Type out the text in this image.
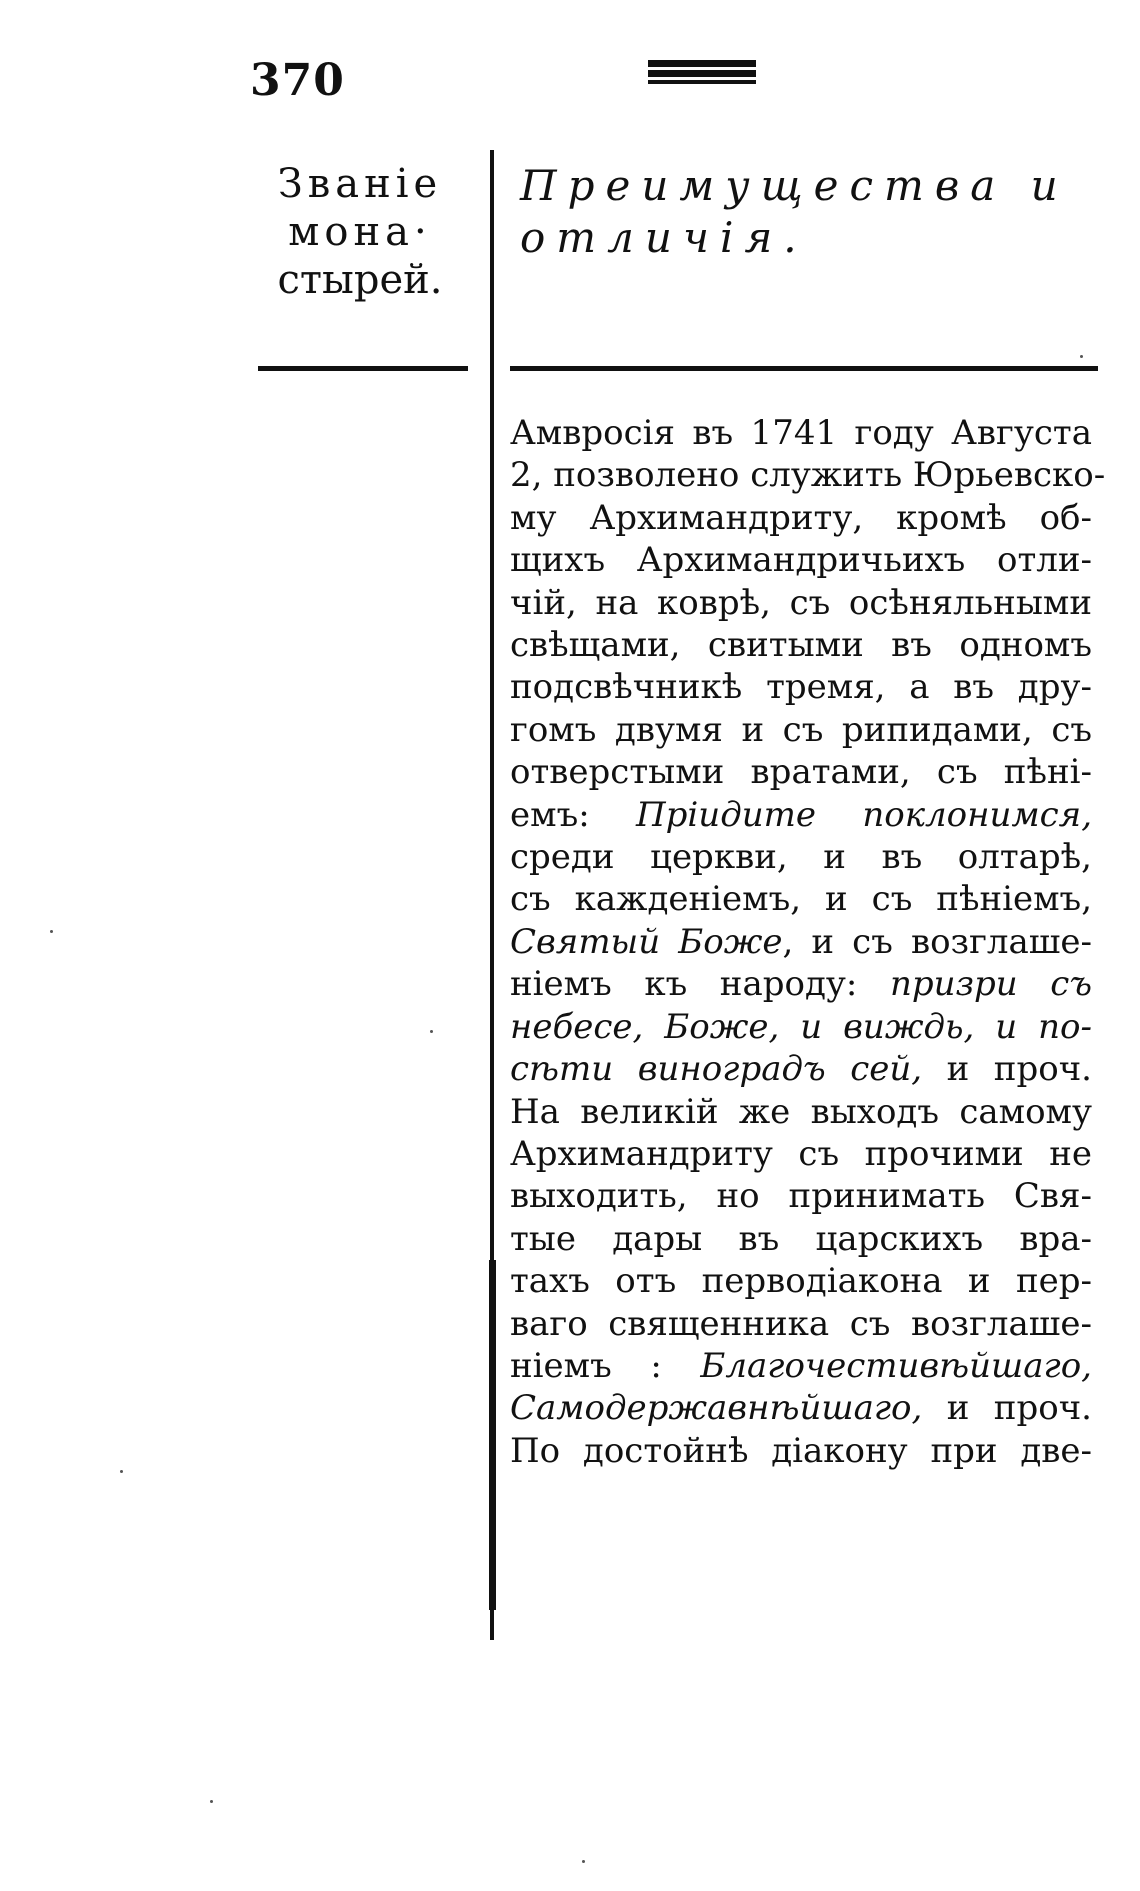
370
Званіе
мона·
стырей.
Преимущества и
отличія.
Амвросія въ 1741 году Августа
2, позволено служить Юрьевско-
му Архимандриту, кромѣ об-
щихъ Архимандричьихъ отли-
чій, на коврѣ, съ осѣняльными
свѣщами, свитыми въ одномъ
подсвѣчникѣ тремя, а въ дру-
гомъ двумя и съ рипидами, съ
отверстыми вратами, съ пѣні-
емъ: Пріидите поклонимся,
среди церкви, и въ олтарѣ,
съ кажденіемъ, и съ пѣніемъ,
Святый Боже, и съ возглаше-
ніемъ къ народу: призри съ
небесе, Боже, и виждь, и по-
сѣти виноградъ сей, и проч.
На великій же выходъ самому
Архимандриту съ прочими не
выходить, но принимать Свя-
тые дары въ царскихъ вра-
тахъ отъ перводіакона и пер-
ваго священника съ возглаше-
ніемъ : Благочестивѣйшаго,
Самодержавнѣйшаго, и проч.
По достойнѣ діакону при две-
